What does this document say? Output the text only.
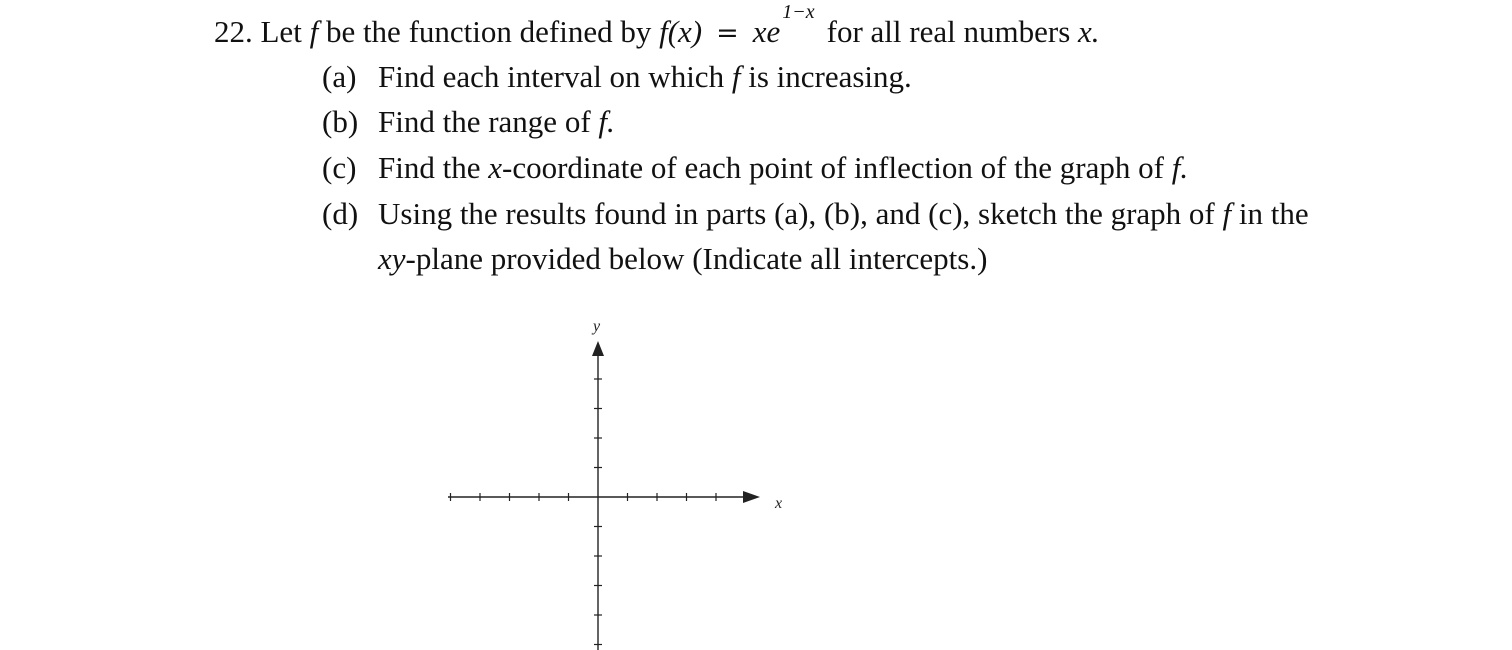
22. Let f be the function defined by $f(x) = xe^{1-x}for$ all real numbers x.
(a) Find each interval on which f is increasing.
(b) Find the range of f.
(c) Find the x-coordinate of each point of inflection of the graph of f.
(d) Using the results found in parts (a), (b), and (c), sketch the graph of f in the
xy-plane provided below (Indicate all intercepts.)
y
x
